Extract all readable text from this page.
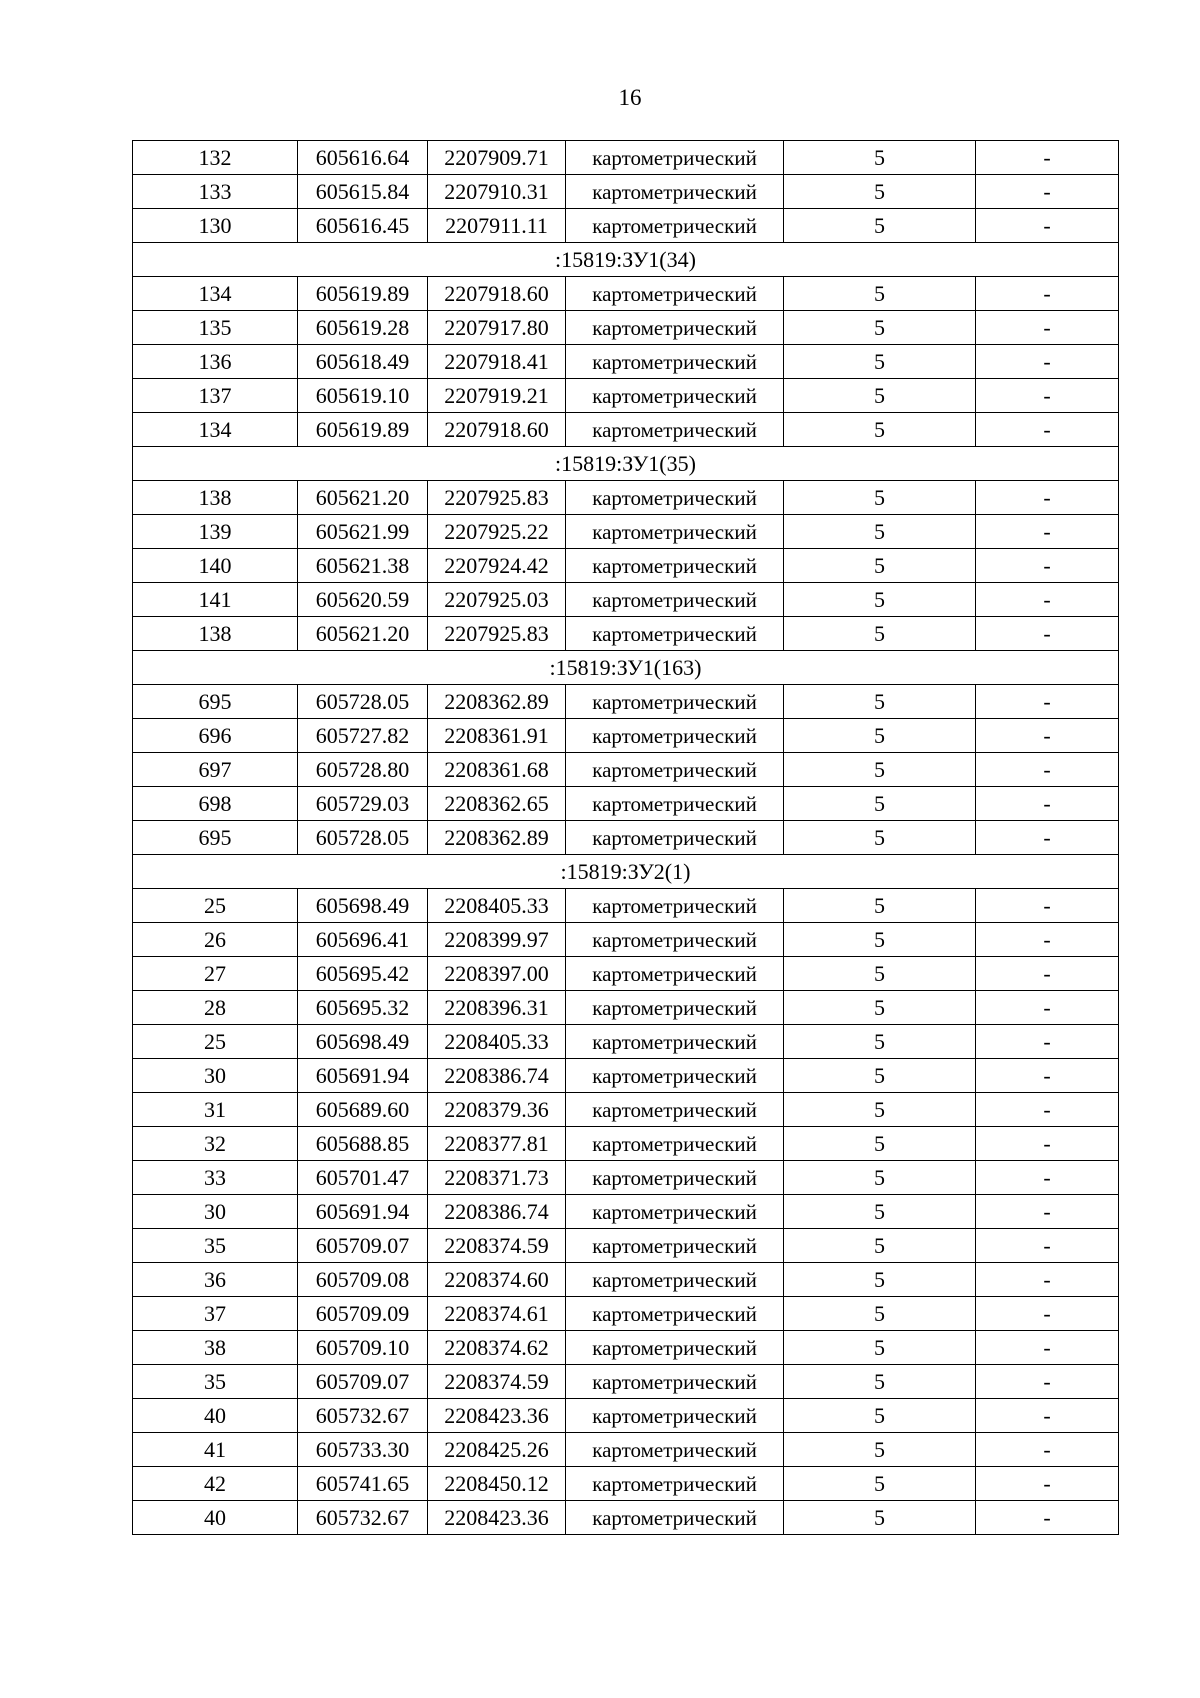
16
132	605616.64	2207909.71	картометрический	5	-
133	605615.84	2207910.31	картометрический	5	-
130	605616.45	2207911.11	картометрический	5	-
:15819:ЗУ1(34)					
134	605619.89	2207918.60	картометрический	5	-
135	605619.28	2207917.80	картометрический	5	-
136	605618.49	2207918.41	картометрический	5	-
137	605619.10	2207919.21	картометрический	5	-
134	605619.89	2207918.60	картометрический	5	-
:15819:ЗУ1(35)					
138	605621.20	2207925.83	картометрический	5	-
139	605621.99	2207925.22	картометрический	5	-
140	605621.38	2207924.42	картометрический	5	-
141	605620.59	2207925.03	картометрический	5	-
138	605621.20	2207925.83	картометрический	5	-
:15819:ЗУ1(163)					
695	605728.05	2208362.89	картометрический	5	-
696	605727.82	2208361.91	картометрический	5	-
697	605728.80	2208361.68	картометрический	5	-
698	605729.03	2208362.65	картометрический	5	-
695	605728.05	2208362.89	картометрический	5	-
:15819:ЗУ2(1)					
25	605698.49	2208405.33	картометрический	5	-
26	605696.41	2208399.97	картометрический	5	-
27	605695.42	2208397.00	картометрический	5	-
28	605695.32	2208396.31	картометрический	5	-
25	605698.49	2208405.33	картометрический	5	-
30	605691.94	2208386.74	картометрический	5	-
31	605689.60	2208379.36	картометрический	5	-
32	605688.85	2208377.81	картометрический	5	-
33	605701.47	2208371.73	картометрический	5	-
30	605691.94	2208386.74	картометрический	5	-
35	605709.07	2208374.59	картометрический	5	-
36	605709.08	2208374.60	картометрический	5	-
37	605709.09	2208374.61	картометрический	5	-
38	605709.10	2208374.62	картометрический	5	-
35	605709.07	2208374.59	картометрический	5	-
40	605732.67	2208423.36	картометрический	5	-
41	605733.30	2208425.26	картометрический	5	-
42	605741.65	2208450.12	картометрический	5	-
40	605732.67	2208423.36	картометрический	5	-
